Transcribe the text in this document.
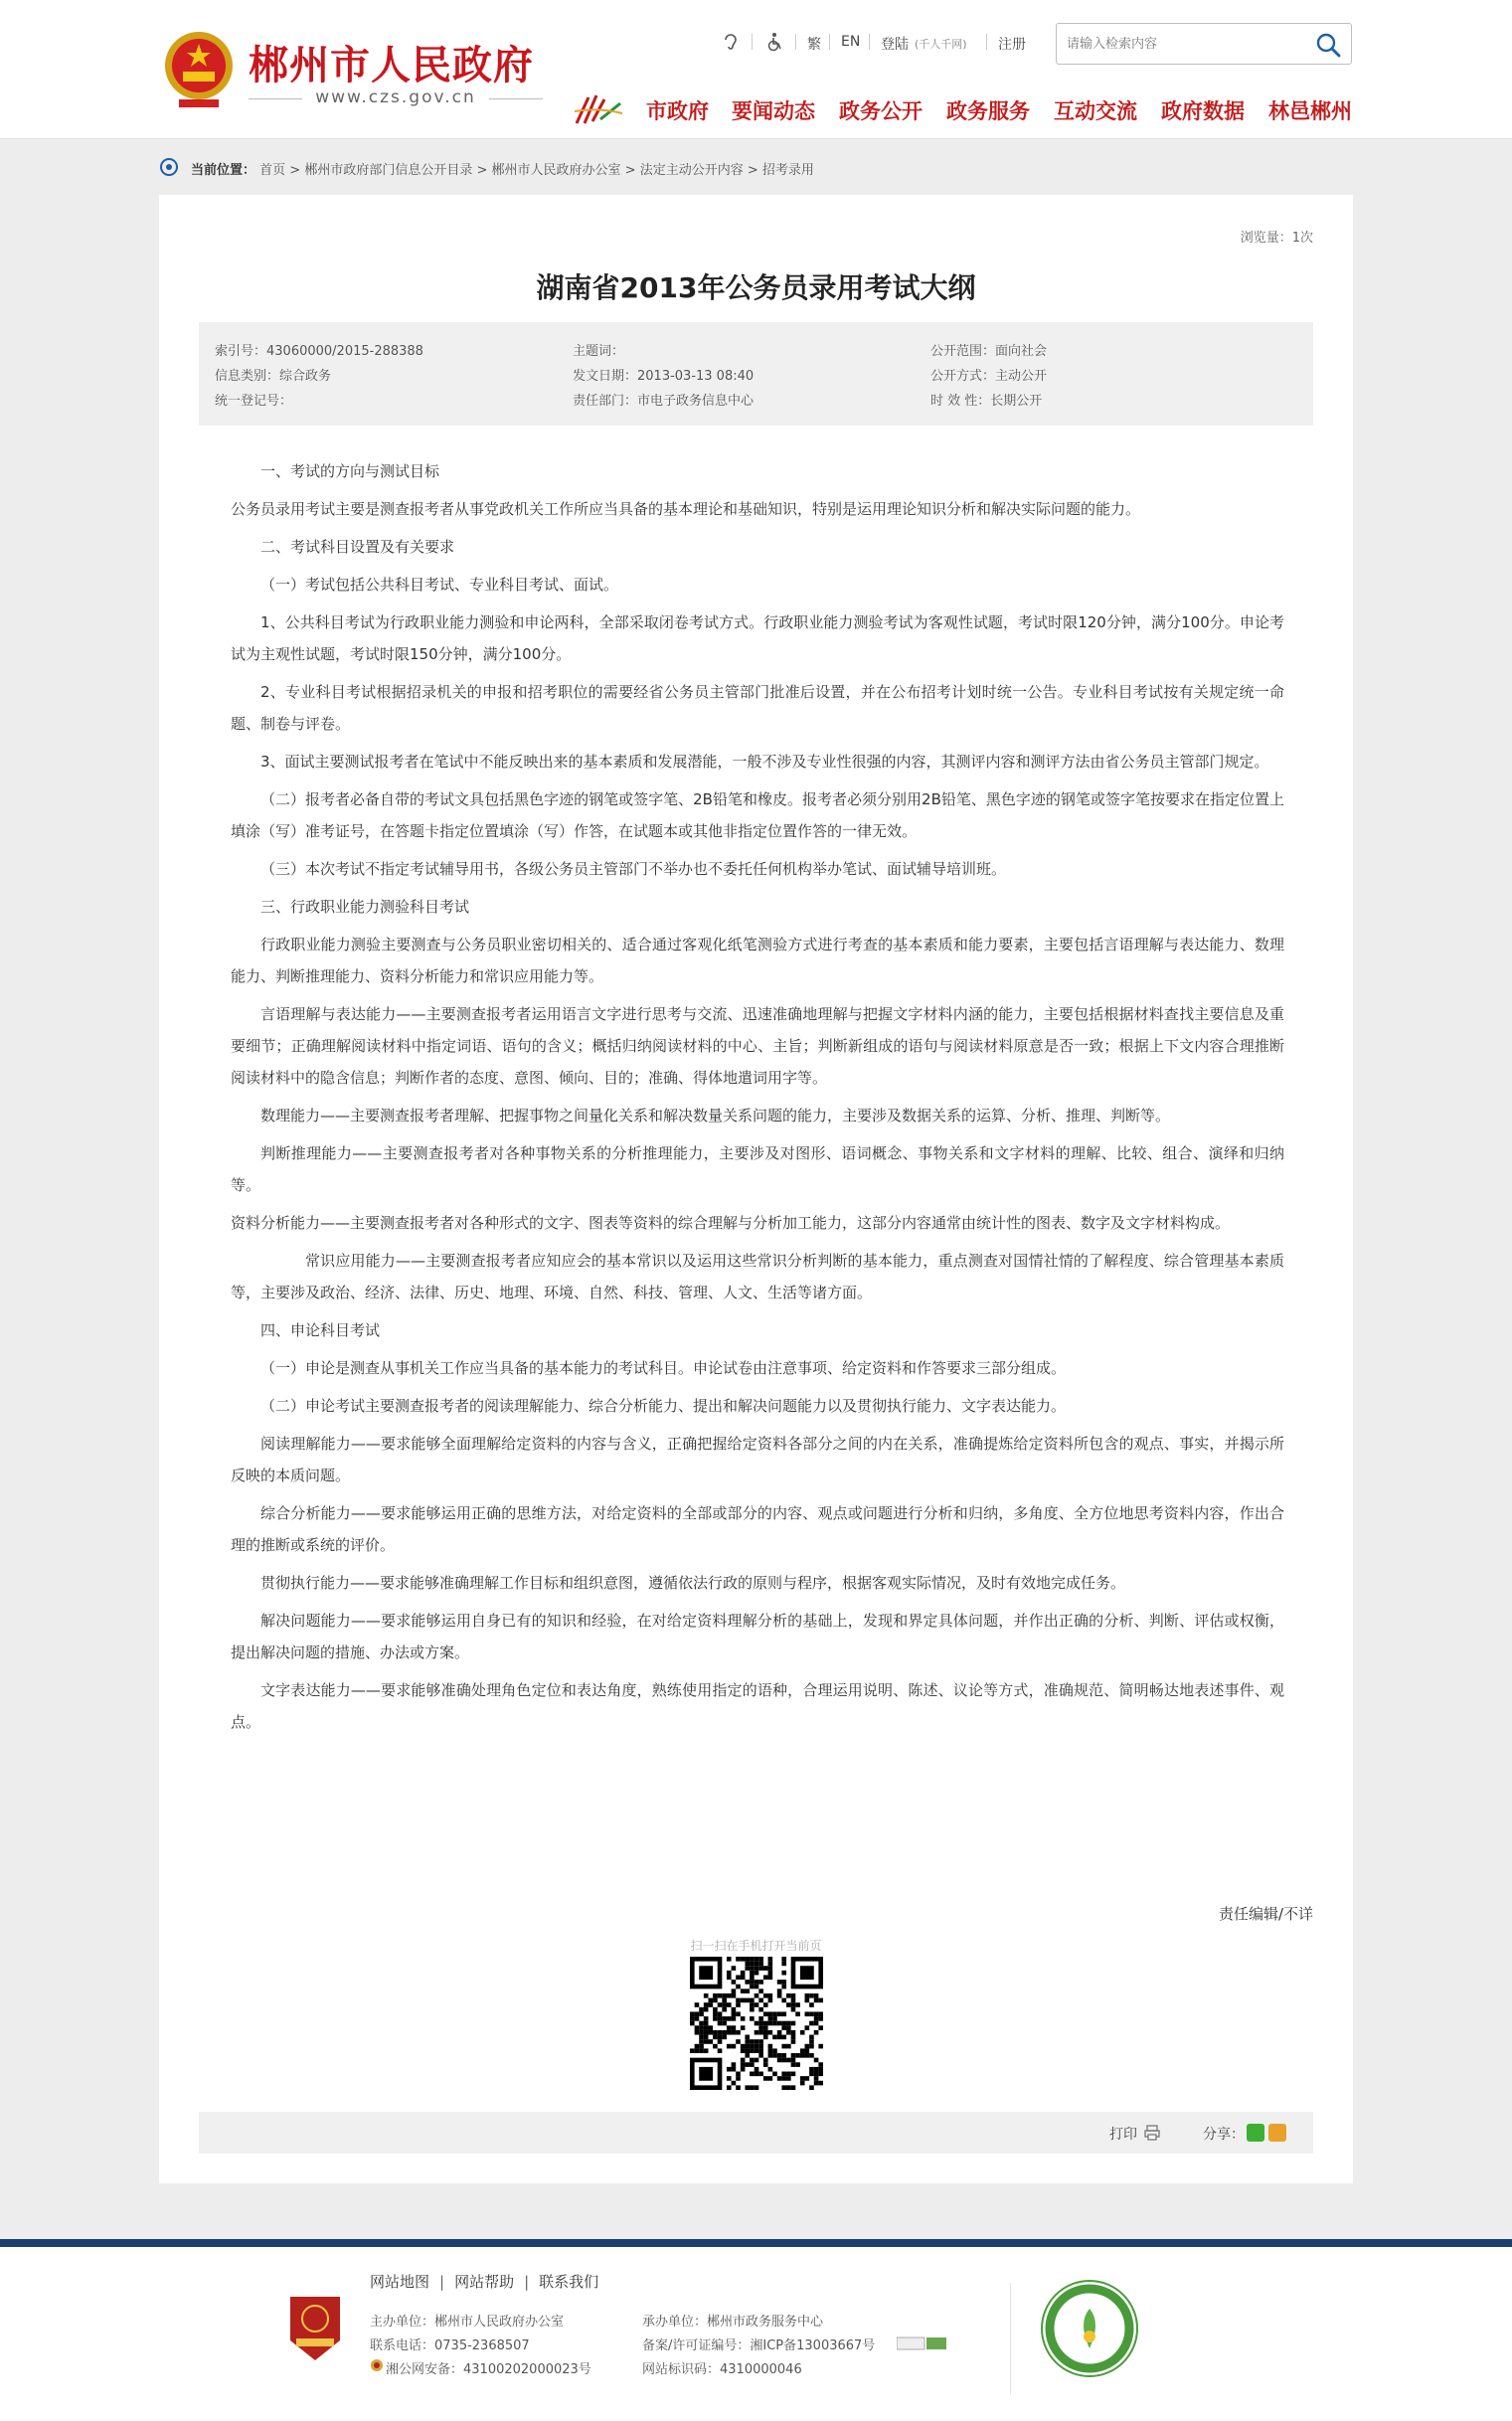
郴州市人民政府
www.czs.gov.cn
繁 EN 登陆 (千人千网) 注册
请输入检索内容
市政府 要闻动态 政务公开 政务服务 互动交流 政府数据 林邑郴州
当前位置： 首页 > 郴州市政府部门信息公开目录 > 郴州市人民政府办公室 > 法定主动公开内容 > 招考录用
浏览量：1次
湖南省2013年公务员录用考试大纲
索引号：43060000/2015-288388
信息类别：综合政务
统一登记号：
主题词：
发文日期：2013-03-13 08:40
责任部门：市电子政务信息中心
公开范围：面向社会
公开方式：主动公开
时 效 性：长期公开

一、考试的方向与测试目标

公务员录用考试主要是测查报考者从事党政机关工作所应当具备的基本理论和基础知识，特别是运用理论知识分析和解决实际问题的能力。

二、考试科目设置及有关要求

（一）考试包括公共科目考试、专业科目考试、面试。

1、公共科目考试为行政职业能力测验和申论两科，全部采取闭卷考试方式。行政职业能力测验考试为客观性试题，考试时限120分钟，满分100分。申论考试为主观性试题，考试时限150分钟，满分100分。

2、专业科目考试根据招录机关的申报和招考职位的需要经省公务员主管部门批准后设置，并在公布招考计划时统一公告。专业科目考试按有关规定统一命题、制卷与评卷。

3、面试主要测试报考者在笔试中不能反映出来的基本素质和发展潜能，一般不涉及专业性很强的内容，其测评内容和测评方法由省公务员主管部门规定。

（二）报考者必备自带的考试文具包括黑色字迹的钢笔或签字笔、2B铅笔和橡皮。报考者必须分别用2B铅笔、黑色字迹的钢笔或签字笔按要求在指定位置上填涂（写）准考证号，在答题卡指定位置填涂（写）作答，在试题本或其他非指定位置作答的一律无效。

（三）本次考试不指定考试辅导用书，各级公务员主管部门不举办也不委托任何机构举办笔试、面试辅导培训班。

三、行政职业能力测验科目考试

行政职业能力测验主要测查与公务员职业密切相关的、适合通过客观化纸笔测验方式进行考查的基本素质和能力要素，主要包括言语理解与表达能力、数理能力、判断推理能力、资料分析能力和常识应用能力等。

言语理解与表达能力——主要测查报考者运用语言文字进行思考与交流、迅速准确地理解与把握文字材料内涵的能力，主要包括根据材料查找主要信息及重要细节；正确理解阅读材料中指定词语、语句的含义；概括归纳阅读材料的中心、主旨；判断新组成的语句与阅读材料原意是否一致；根据上下文内容合理推断阅读材料中的隐含信息；判断作者的态度、意图、倾向、目的；准确、得体地遣词用字等。

数理能力——主要测查报考者理解、把握事物之间量化关系和解决数量关系问题的能力，主要涉及数据关系的运算、分析、推理、判断等。

判断推理能力——主要测查报考者对各种事物关系的分析推理能力，主要涉及对图形、语词概念、事物关系和文字材料的理解、比较、组合、演绎和归纳等。

资料分析能力——主要测查报考者对各种形式的文字、图表等资料的综合理解与分析加工能力，这部分内容通常由统计性的图表、数字及文字材料构成。

常识应用能力——主要测查报考者应知应会的基本常识以及运用这些常识分析判断的基本能力，重点测查对国情社情的了解程度、综合管理基本素质等，主要涉及政治、经济、法律、历史、地理、环境、自然、科技、管理、人文、生活等诸方面。

四、申论科目考试

（一）申论是测查从事机关工作应当具备的基本能力的考试科目。申论试卷由注意事项、给定资料和作答要求三部分组成。

（二）申论考试主要测查报考者的阅读理解能力、综合分析能力、提出和解决问题能力以及贯彻执行能力、文字表达能力。

阅读理解能力——要求能够全面理解给定资料的内容与含义，正确把握给定资料各部分之间的内在关系，准确提炼给定资料所包含的观点、事实，并揭示所反映的本质问题。

综合分析能力——要求能够运用正确的思维方法，对给定资料的全部或部分的内容、观点或问题进行分析和归纳，多角度、全方位地思考资料内容，作出合理的推断或系统的评价。

贯彻执行能力——要求能够准确理解工作目标和组织意图，遵循依法行政的原则与程序，根据客观实际情况，及时有效地完成任务。

解决问题能力——要求能够运用自身已有的知识和经验，在对给定资料理解分析的基础上，发现和界定具体问题，并作出正确的分析、判断、评估或权衡，提出解决问题的措施、办法或方案。

文字表达能力——要求能够准确处理角色定位和表达角度，熟练使用指定的语种，合理运用说明、陈述、议论等方式，准确规范、简明畅达地表述事件、观点。

责任编辑/不详
扫一扫在手机打开当前页
打印	分享：
网站地图 | 网站帮助 | 联系我们
主办单位：郴州市人民政府办公室
联系电话：0735-2368507
湘公网安备：43100202000023号
承办单位：郴州市政务服务中心
备案/许可证编号：湘ICP备13003667号
网站标识码：4310000046
